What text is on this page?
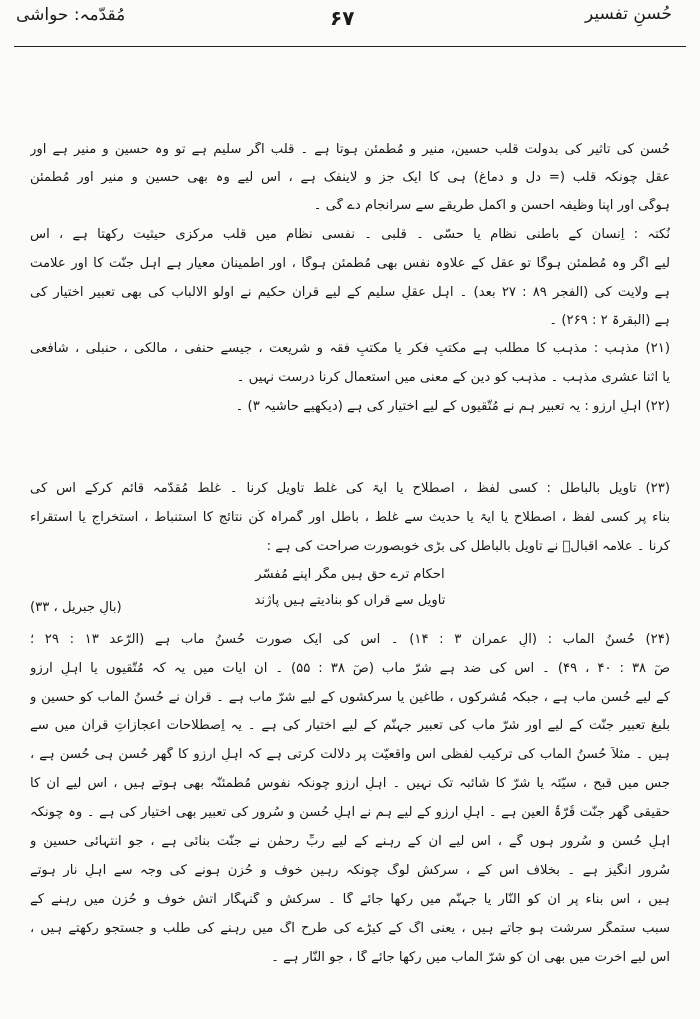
حُسنِ تفسیر
۶۷
مُقدّمہ: حواشی
حُسن کی تاثیر کی بدولت قلب حسین، منیر و مُطمئن ہوتا ہے ۔ قلب اگر سلیم ہے تو وہ حسین و منیر ہے اور
عقل چونکہ قلب (= دل و دماغ) ہی کا ایک جز و لاینفک ہے ، اس لیے وہ بھی حسین و منیر اور مُطمئن
ہوگی اور اپنا وظیفہ احسن و اکمل طریقے سے سرانجام دے گی ۔
نُکتہ : اِنسان کے باطنی نظام یا حسّی ۔ قلبی ۔ نفسی نظام میں قلب مرکزی حیثیت رکھتا ہے ، اس
لیے اگر وہ مُطمئن ہوگا تو عقل کے علاوہ نفس بھی مُطمئن ہوگا ، اور اطمینان معیار ہے اہل جنّت کا اور علامت
ہے ولایت کی (الفجر ۸۹ : ۲۷ بعد) ۔ اہل عقلِ سلیم کے لیے قرآن حکیم نے اُولُو الالباب کی بھی تعبیر اختیار کی
ہے (البقرۃ ۲ : ۲۶۹) ۔
(۲۱) مذہب : مذہب کا مطلب ہے مکتبِ فکر یا مکتبِ فقہ و شریعت ، جیسے حنفی ، مالکی ، حنبلی ، شافعی
یا اثنا عشری مذہب ۔ مذہب کو دین کے معنی میں استعمال کرنا درست نہیں ۔
(۲۲) اہلِ آرزو : یہ تعبیر ہم نے مُتّقیوں کے لیے اختیار کی ہے (دیکھیے حاشیہ ۳) ۔
(۲۳) تاویل بالباطل : کسی لفظ ، اصطلاح یا آیۃ کی غلط تاویل کرنا ۔ غلط مُقدّمہ قائم کرکے اس کی
بناء پر کسی لفظ ، اصطلاح یا آیۃ یا حدیث سے غلط ، باطل اور گمراہ کُن نتائج کا استنباط ، استخراج یا استقراء
کرنا ۔ علّامہ اقبالؒ نے تاویل بالباطل کی بڑی خوبصورت صراحت کی ہے :
احکام ترے حق ہیں مگر اپنے مُفسّر
تاویل سے قرآں کو بنادیتے ہیں پاژند
(بالِ جبریل ، ۳۳)
(۲۴) حُسنُ المآب : (آلِ عمران ۳ : ۱۴) ۔ اس کی ایک صورت حُسنُ مآب ہے (الرّعد ۱۳ : ۲۹ ؛
صٓ ۳۸ : ۴۰ ، ۴۹) ۔ اس کی ضد ہے شرّ مآب (صٓ ۳۸ : ۵۵) ۔ ان آیات میں یہ کہ مُتّقیوں یا اہلِ آرزو
کے لیے حُسنِ مآب ہے ، جبکہ مُشرکوں ، طاغین یا سرکشوں کے لیے شرّ مآب ہے ۔ قرآن نے حُسنُ المآب کو حسین و
بلیغ تعبیر جنّت کے لیے اور شرّ مآب کی تعبیر جہنّم کے لیے اختیار کی ہے ۔ یہ اِصطلاحات اعجازاتِ قرآن میں سے
ہیں ۔ مثلاً حُسنُ المآب کی ترکیب لفظی اس واقعیّت پر دلالت کرتی ہے کہ اہلِ آرزو کا گھر حُسن ہی حُسن ہے ،
جس میں قبح ، سیّئہ یا شرّ کا شائبہ تک نہیں ۔ اہلِ آرزو چونکہ نفوسِ مُطمئنّہ بھی ہوتے ہیں ، اس لیے ان کا
حقیقی گھر جنّت قُرّۃُ العین ہے ۔ اہلِ آرزو کے لیے ہم نے اہلِ حُسن و سُرور کی تعبیر بھی اختیار کی ہے ۔ وہ چونکہ
اہلِ حُسن و سُرور ہوں گے ، اس لیے اُن کے رہنے کے لیے ربِّ رحمٰن نے جنّت بنائی ہے ، جو انتہائی حسین و
سُرور انگیز ہے ۔ بخلاف اس کے ، سرکش لوگ چونکہ رہینِ خوف و حُزن ہونے کی وجہ سے اہلِ نار ہوتے
ہیں ، اس بناء پر ان کو النّار یا جہنّم میں رکھا جائے گا ۔ سرکش و گنہگار آتشِ خوف و حُزن میں رہنے کے
سبب ستمگر سرشت ہو جاتے ہیں ، یعنی آگ کے کیڑے کی طرح آگ میں رہنے کی طلب و جستجو رکھتے ہیں ،
اس لیے آخرت میں بھی اُن کو شرّ المآب میں رکھا جائے گا ، جو النّار ہے ۔
